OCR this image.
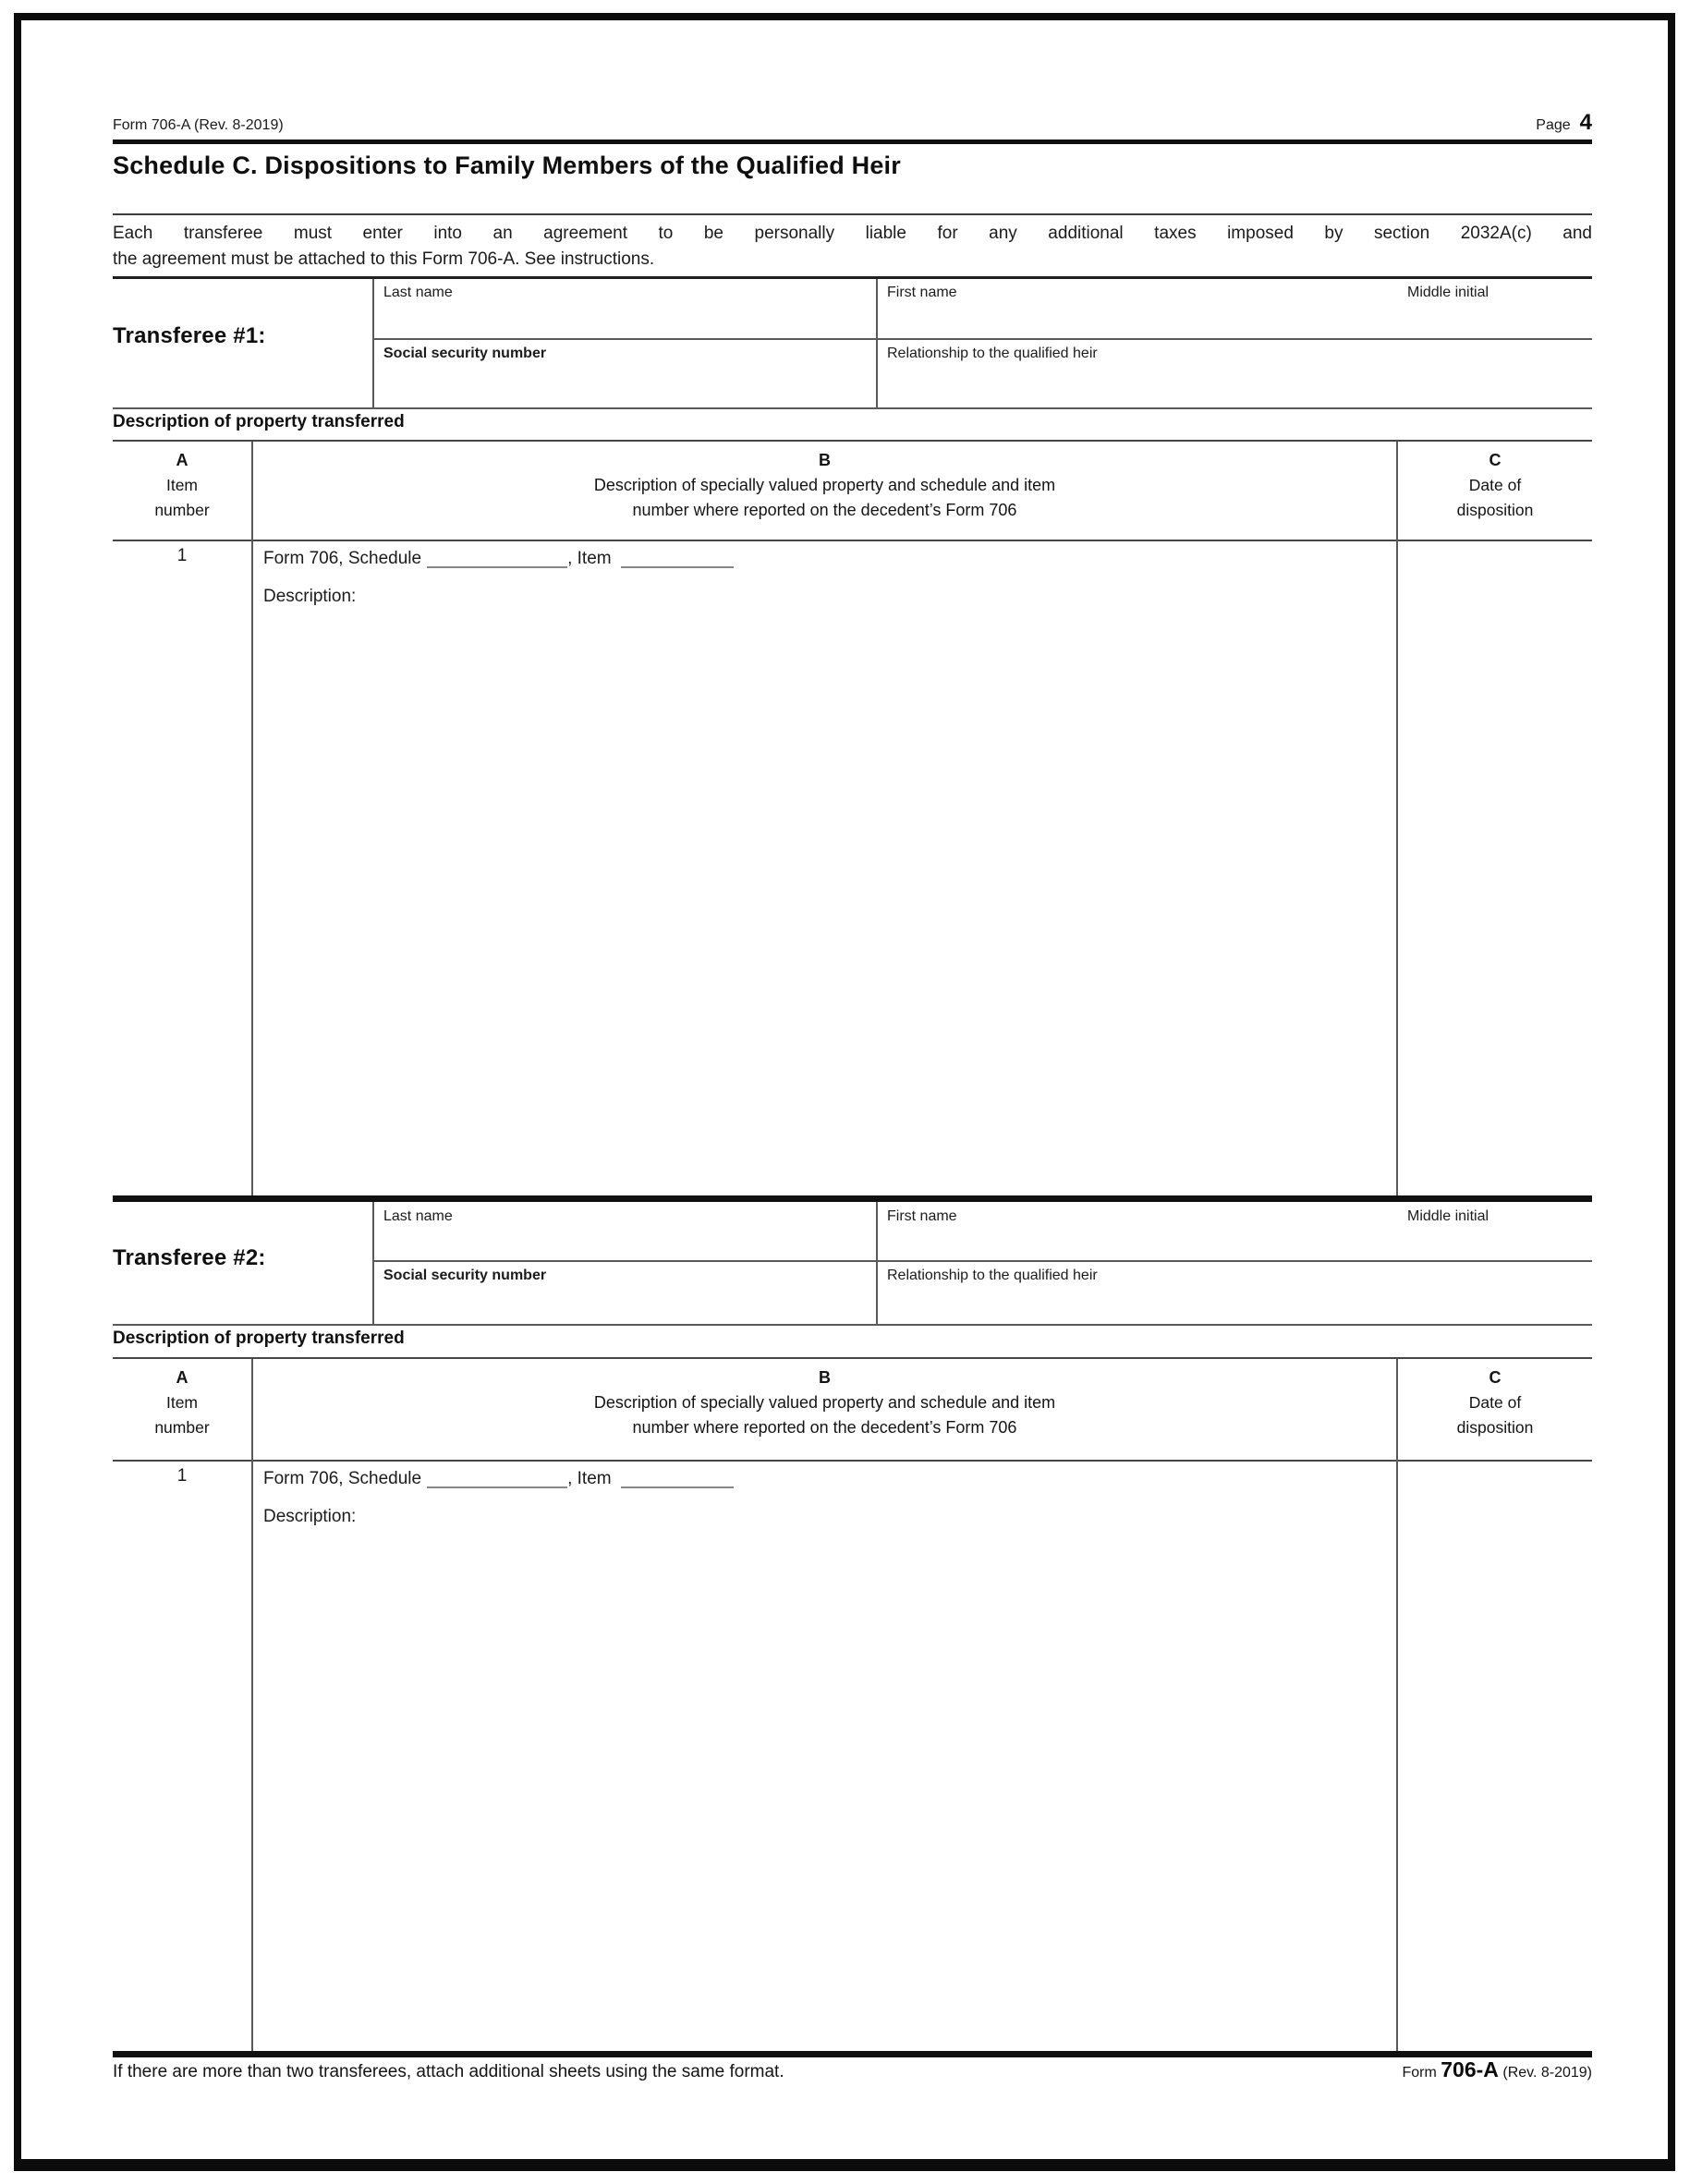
Form 706-A (Rev. 8-2019)	Page 4
Schedule C. Dispositions to Family Members of the Qualified Heir
Each transferee must enter into an agreement to be personally liable for any additional taxes imposed by section 2032A(c) and
the agreement must be attached to this Form 706-A. See instructions.
Transferee #1:
Last name	First name	Middle initial
Social security number	Relationship to the qualified heir
Description of property transferred
A
Item
number
B
Description of specially valued property and schedule and item
number where reported on the decedent’s Form 706
C
Date of
disposition
1	Form 706, Schedule	, Item
Description:
Transferee #2:
Last name	First name	Middle initial
Social security number	Relationship to the qualified heir
Description of property transferred
A
Item
number
B
Description of specially valued property and schedule and item
number where reported on the decedent’s Form 706
C
Date of
disposition
1	Form 706, Schedule	, Item
Description:
If there are more than two transferees, attach additional sheets using the same format.	Form 706-A (Rev. 8-2019)
